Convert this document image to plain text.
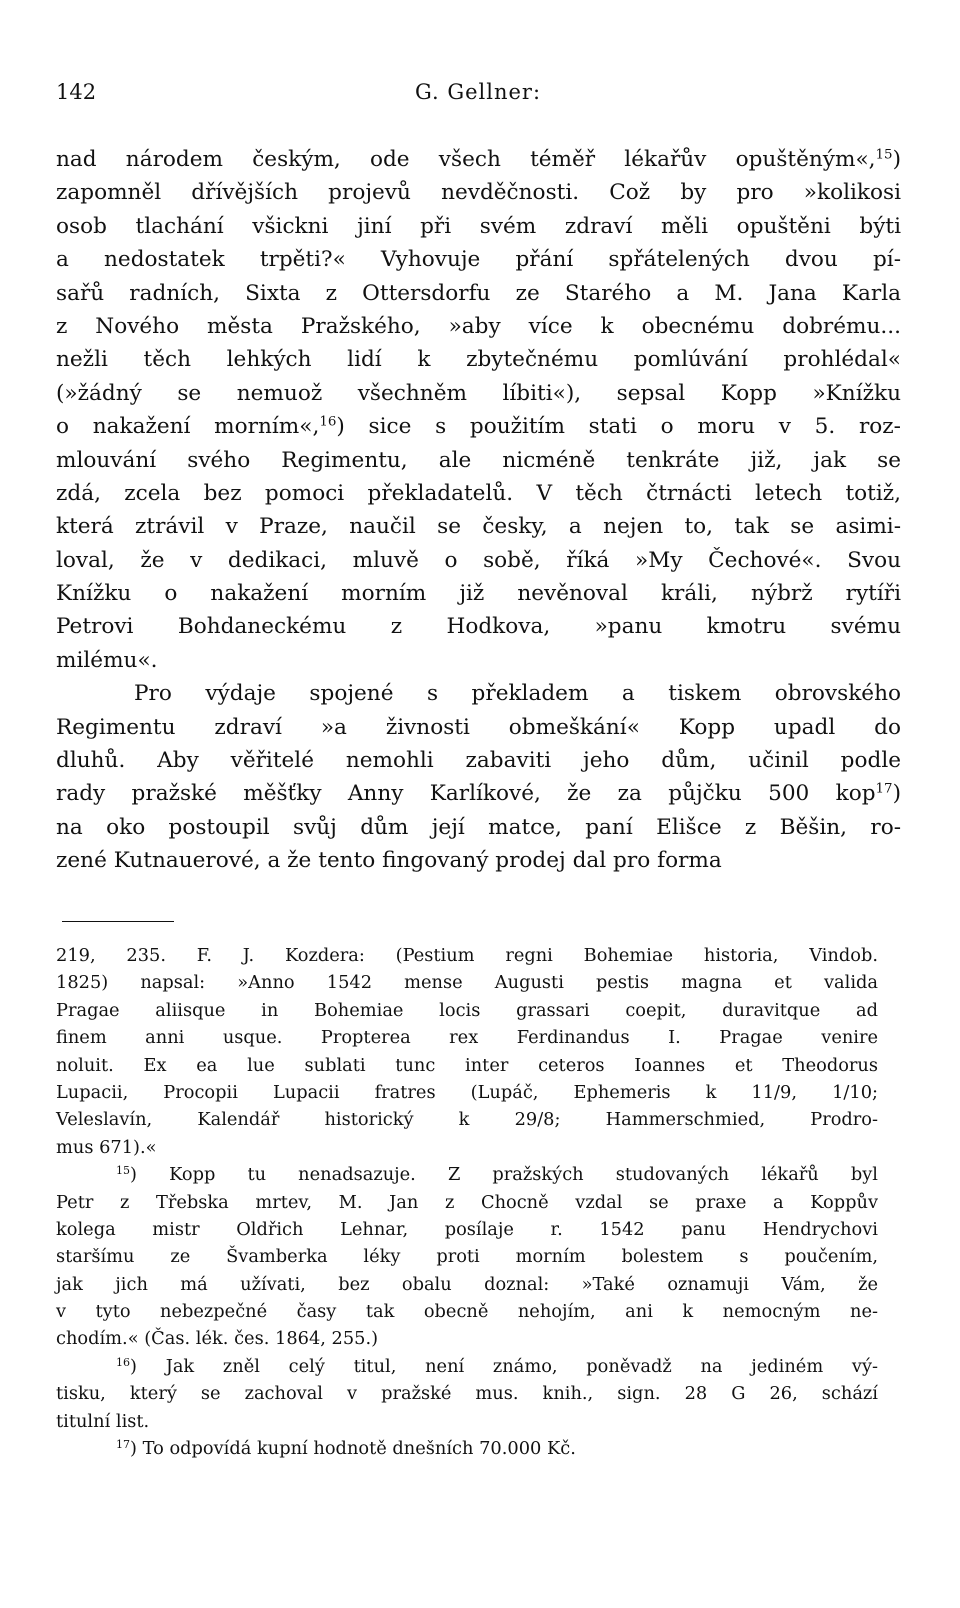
142	G. Gellner:
nad národem českým, ode všech téměř lékařův opuštěným«,$^{15}$)
zapomněl dřívějších projevů nevděčnosti. Což by pro »kolikosi
osob tlachání všickni jiní při svém zdraví měli opuštěni býti
a nedostatek trpěti?« Vyhovuje přání spřátelených dvou pí-
sařů radních, Sixta z Ottersdorfu ze Starého a M. Jana Karla
z Nového města Pražského, »aby více k obecnému dobrému...
nežli těch lehkých lidí k zbytečnému pomlúvání prohlédal«
(»žádný se nemuož všechněm líbiti«), sepsal Kopp »Knížku
o nakažení morním«,$^{16}$) sice s použitím stati o moru v 5. roz-
mlouvání svého Regimentu, ale nicméně tenkráte již, jak se
zdá, zcela bez pomoci překladatelů. V těch čtrnácti letech totiž,
která ztrávil v Praze, naučil se česky, a nejen to, tak se asimi-
loval, že v dedikaci, mluvě o sobě, říká »My Čechové«. Svou
Knížku o nakažení morním již nevěnoval králi, nýbrž rytíři
Petrovi Bohdaneckému z Hodkova, »panu kmotru svému
milému«.
Pro výdaje spojené s překladem a tiskem obrovského
Regimentu zdraví »a živnosti obmeškání« Kopp upadl do
dluhů. Aby věřitelé nemohli zabaviti jeho dům, učinil podle
rady pražské měšťky Anny Karlíkové, že za půjčku 500 kop$^{17}$)
na oko postoupil svůj dům její matce, paní Elišce z Běšin, ro-
zené Kutnauerové, a že tento fingovaný prodej dal pro forma
219, 235. F. J. Kozdera: (Pestium regni Bohemiae historia, Vindob.
1825) napsal: »Anno 1542 mense Augusti pestis magna et valida
Pragae aliisque in Bohemiae locis grassari coepit, duravitque ad
finem anni usque. Propterea rex Ferdinandus I. Pragae venire
noluit. Ex ea lue sublati tunc inter ceteros Ioannes et Theodorus
Lupacii, Procopii Lupacii fratres (Lupáč, Ephemeris k 11/9, 1/10;
Veleslavín, Kalendář historický k 29/8; Hammerschmied, Prodro-
mus 671).«
$^{15}$) Kopp tu nenadsazuje. Z pražských studovaných lékařů byl
Petr z Třebska mrtev, M. Jan z Chocně vzdal se praxe a Koppův
kolega mistr Oldřich Lehnar, posílaje r. 1542 panu Hendrychovi
staršímu ze Švamberka léky proti morním bolestem s poučením,
jak jich má užívati, bez obalu doznal: »Také oznamuji Vám, že
v tyto nebezpečné časy tak obecně nehojím, ani k nemocným ne-
chodím.« (Čas. lék. čes. 1864, 255.)
$^{16}$) Jak zněl celý titul, není známo, poněvadž na jediném vý-
tisku, který se zachoval v pražské mus. knih., sign. 28 G 26, schází
titulní list.
$^{17}$) To odpovídá kupní hodnotě dnešních 70.000 Kč.
